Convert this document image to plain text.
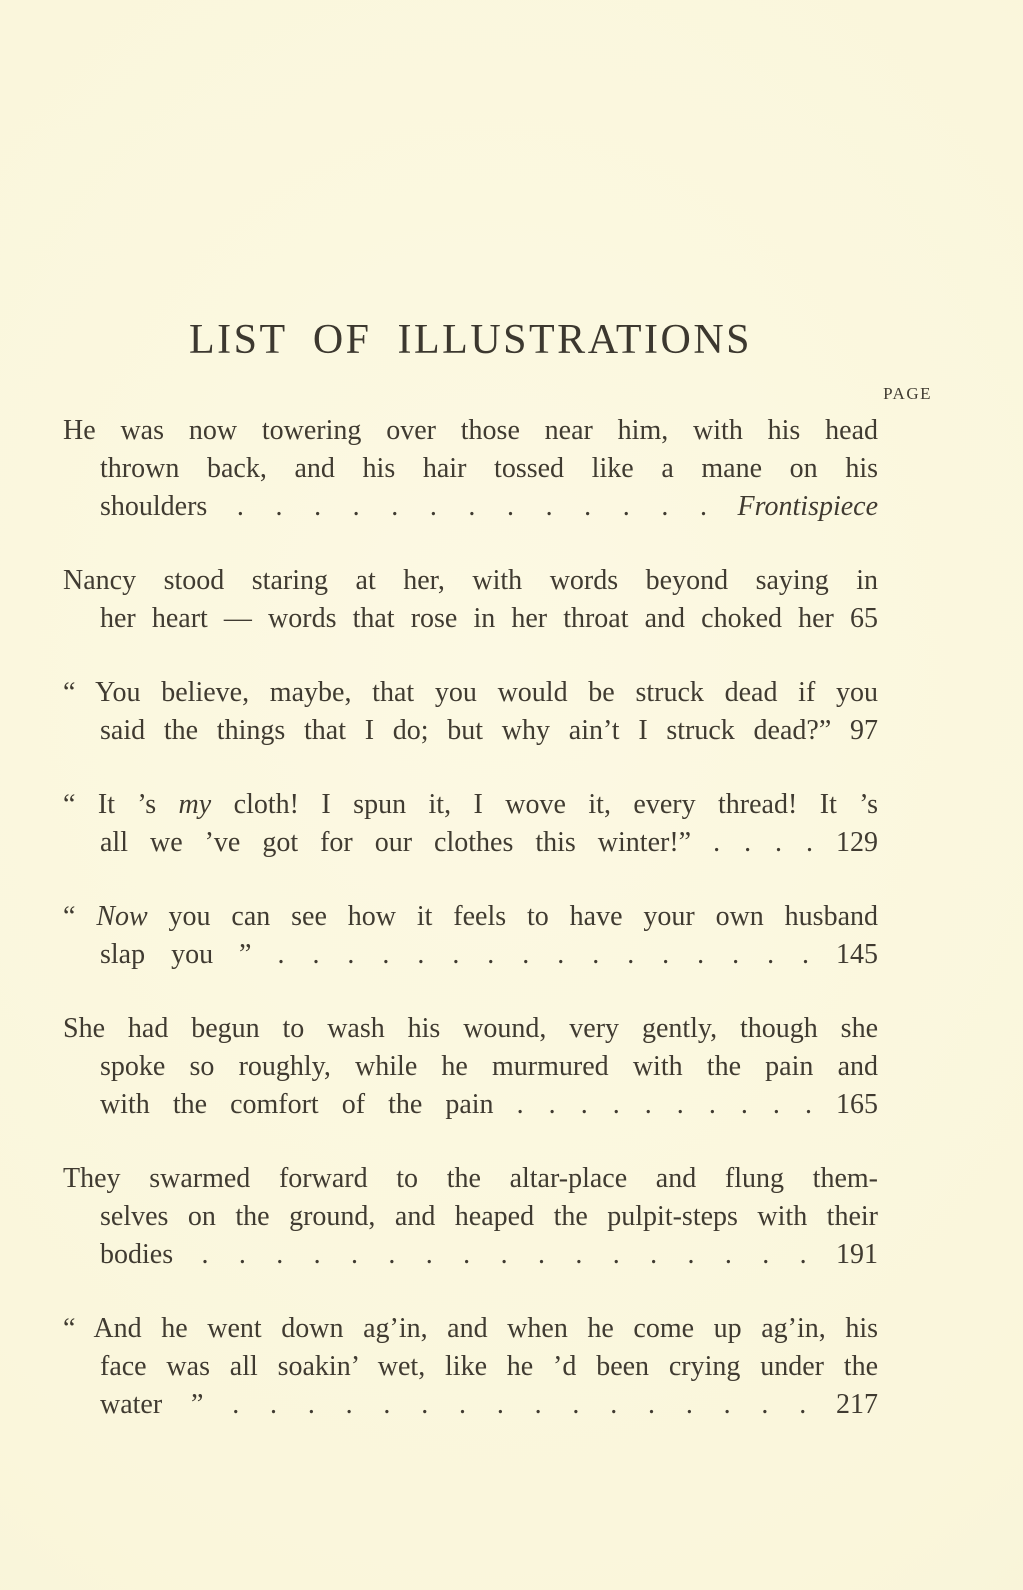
LIST OF ILLUSTRATIONS
PAGE
He was now towering over those near him, with his head
thrown back, and his hair tossed like a mane on his
shoulders . . . . . . . . . . . . . Frontispiece
Nancy stood staring at her, with words beyond saying in
her heart — words that rose in her throat and choked her 65
“ You believe, maybe, that you would be struck dead if you
said the things that I do; but why ain’t I struck dead?” 97
“ It ’s my cloth! I spun it, I wove it, every thread! It ’s
all we ’ve got for our clothes this winter!” . . . . 129
“ Now you can see how it feels to have your own husband
slap you ” . . . . . . . . . . . . . . . . 145
She had begun to wash his wound, very gently, though she
spoke so roughly, while he murmured with the pain and
with the comfort of the pain . . . . . . . . . . 165
They swarmed forward to the altar-place and flung them-
selves on the ground, and heaped the pulpit-steps with their
bodies . . . . . . . . . . . . . . . . . 191
“ And he went down ag’in, and when he come up ag’in, his
face was all soakin’ wet, like he ’d been crying under the
water ” . . . . . . . . . . . . . . . . 217
